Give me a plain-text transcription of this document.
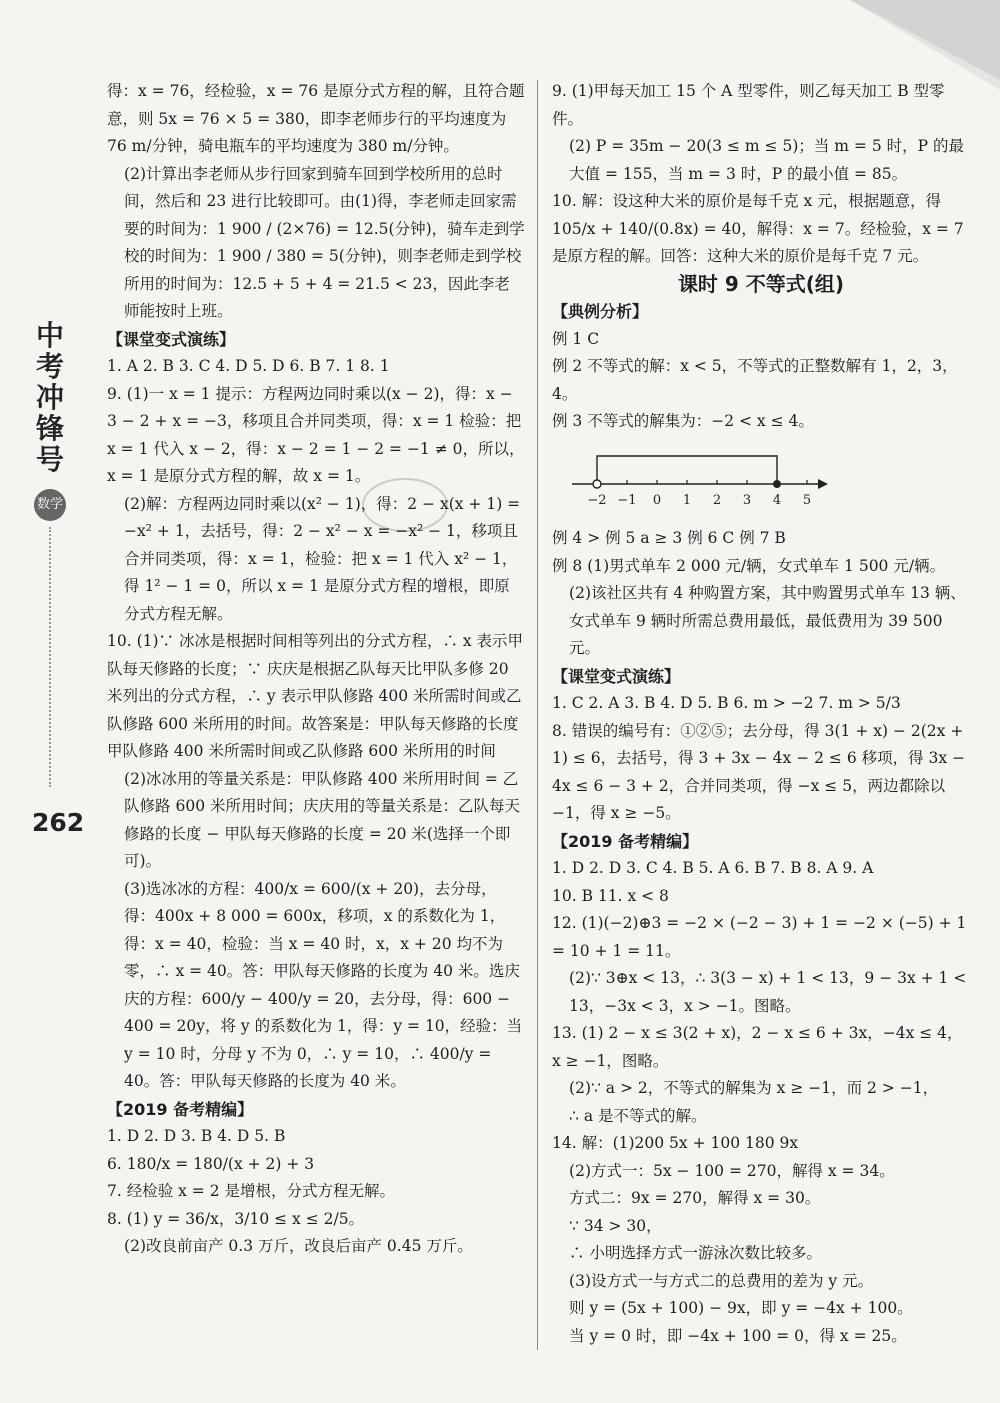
中考冲锋号
数学
262

得：x = 76，经检验，x = 76 是原分式方程的解，且符合题意，则 5x = 76 × 5 = 380，即李老师步行的平均速度为 76 m/分钟，骑电瓶车的平均速度为 380 m/分钟。

(2)计算出李老师从步行回家到骑车回到学校所用的总时间，然后和 23 进行比较即可。由(1)得，李老师走回家需要的时间为：1 900 / (2×76) = 12.5(分钟)，骑车走到学校的时间为：1 900 / 380 = 5(分钟)，则李老师走到学校所用的时间为：12.5 + 5 + 4 = 21.5 < 23，因此李老师能按时上班。

【课堂变式演练】

1. A 2. B 3. C 4. D 5. D 6. B 7. 1 8. 1

9. (1)一 x = 1 提示：方程两边同时乘以(x − 2)，得：x − 3 − 2 + x = −3，移项且合并同类项，得：x = 1 检验：把 x = 1 代入 x − 2，得：x − 2 = 1 − 2 = −1 ≠ 0，所以，x = 1 是原分式方程的解，故 x = 1。

(2)解：方程两边同时乘以(x² − 1)，得：2 − x(x + 1) = −x² + 1，去括号，得：2 − x² − x = −x² − 1，移项且合并同类项，得：x = 1，检验：把 x = 1 代入 x² − 1，得 1² − 1 = 0，所以 x = 1 是原分式方程的增根，即原分式方程无解。

10. (1)∵ 冰冰是根据时间相等列出的分式方程，∴ x 表示甲队每天修路的长度；∵ 庆庆是根据乙队每天比甲队多修 20 米列出的分式方程，∴ y 表示甲队修路 400 米所需时间或乙队修路 600 米所用的时间。故答案是：甲队每天修路的长度 甲队修路 400 米所需时间或乙队修路 600 米所用的时间

(2)冰冰用的等量关系是：甲队修路 400 米所用时间 = 乙队修路 600 米所用时间；庆庆用的等量关系是：乙队每天修路的长度 − 甲队每天修路的长度 = 20 米(选择一个即可)。

(3)选冰冰的方程：400/x = 600/(x + 20)，去分母，得：400x + 8 000 = 600x，移项，x 的系数化为 1，得：x = 40，检验：当 x = 40 时，x，x + 20 均不为零，∴ x = 40。答：甲队每天修路的长度为 40 米。选庆庆的方程：600/y − 400/y = 20，去分母，得：600 − 400 = 20y，将 y 的系数化为 1，得：y = 10，经验：当 y = 10 时，分母 y 不为 0，∴ y = 10，∴ 400/y = 40。答：甲队每天修路的长度为 40 米。

【2019 备考精编】

1. D 2. D 3. B 4. D 5. B

6. 180/x = 180/(x + 2) + 3

7. 经检验 x = 2 是增根，分式方程无解。

8. (1) y = 36/x，3/10 ≤ x ≤ 2/5。

(2)改良前亩产 0.3 万斤，改良后亩产 0.45 万斤。

9. (1)甲每天加工 15 个 A 型零件，则乙每天加工 B 型零件。

(2) P = 35m − 20(3 ≤ m ≤ 5)；当 m = 5 时，P 的最大值 = 155，当 m = 3 时，P 的最小值 = 85。

10. 解：设这种大米的原价是每千克 x 元，根据题意，得 105/x + 140/(0.8x) = 40，解得：x = 7。经检验，x = 7 是原方程的解。回答：这种大米的原价是每千克 7 元。

课时 9 不等式(组)

【典例分析】

例 1 C

例 2 不等式的解：x < 5，不等式的正整数解有 1，2，3，4。

例 3 不等式的解集为：−2 < x ≤ 4。

−2 −1 0 1 2 3 4 5

例 4 > 例 5 a ≥ 3 例 6 C 例 7 B

例 8 (1)男式单车 2 000 元/辆，女式单车 1 500 元/辆。

(2)该社区共有 4 种购置方案，其中购置男式单车 13 辆、女式单车 9 辆时所需总费用最低，最低费用为 39 500 元。

【课堂变式演练】

1. C 2. A 3. B 4. D 5. B 6. m > −2 7. m > 5/3

8. 错误的编号有：①②⑤；去分母，得 3(1 + x) − 2(2x + 1) ≤ 6，去括号，得 3 + 3x − 4x − 2 ≤ 6 移项，得 3x − 4x ≤ 6 − 3 + 2，合并同类项，得 −x ≤ 5，两边都除以 −1，得 x ≥ −5。

【2019 备考精编】

1. D 2. D 3. C 4. B 5. A 6. B 7. B 8. A 9. A

10. B 11. x < 8

12. (1)(−2)⊕3 = −2 × (−2 − 3) + 1 = −2 × (−5) + 1 = 10 + 1 = 11。

(2)∵ 3⊕x < 13，∴ 3(3 − x) + 1 < 13，9 − 3x + 1 < 13，−3x < 3，x > −1。图略。

13. (1) 2 − x ≤ 3(2 + x)，2 − x ≤ 6 + 3x，−4x ≤ 4，x ≥ −1，图略。

(2)∵ a > 2，不等式的解集为 x ≥ −1，而 2 > −1，

∴ a 是不等式的解。

14. 解：(1)200 5x + 100 180 9x

(2)方式一：5x − 100 = 270，解得 x = 34。

方式二：9x = 270，解得 x = 30。

∵ 34 > 30，

∴ 小明选择方式一游泳次数比较多。

(3)设方式一与方式二的总费用的差为 y 元。

则 y = (5x + 100) − 9x，即 y = −4x + 100。

当 y = 0 时，即 −4x + 100 = 0，得 x = 25。
